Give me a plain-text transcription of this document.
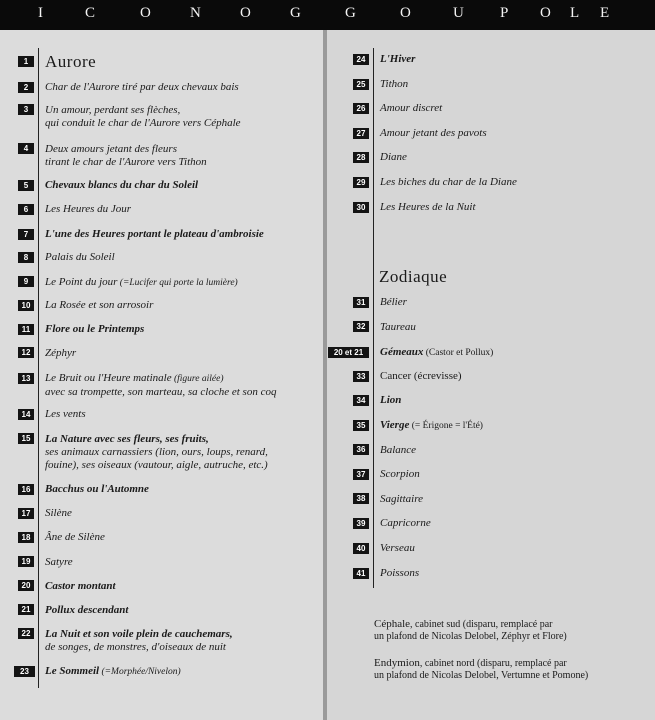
I	C	O	N	O	G	G	O	U P O L E
1 Aurore
2	Char de l'Aurore tiré par deux chevaux bais
3	Un amour, perdant ses flèches,
qui conduit le char de l'Aurore vers Céphale
4	Deux amours jetant des fleurs
tirant le char de l'Aurore vers Tithon
5	Chevaux blancs du char du Soleil
6	Les Heures du Jour
7	L'une des Heures portant le plateau d'ambroisie
8	Palais du Soleil
9	Le Point du jour (=Lucifer qui porte la lumière)
10	La Rosée et son arrosoir
11	Flore ou le Printemps
12	Zéphyr
13	Le Bruit ou l'Heure matinale (figure ailée)
avec sa trompette, son marteau, sa cloche et son coq
14	Les vents
15	La Nature avec ses fleurs, ses fruits,
ses animaux carnassiers (lion, ours, loups, renard,
fouine), ses oiseaux (vautour, aigle, autruche, etc.)
16	Bacchus ou l'Automne
17	Silène
18	Âne de Silène
19	Satyre
20	Castor montant
21	Pollux descendant
22	La Nuit et son voile plein de cauchemars,
de songes, de monstres, d'oiseaux de nuit
23	Le Sommeil (=Morphée/Nivelon)
24	L'Hiver
25	Tithon
26	Amour discret
27	Amour jetant des pavots
28	Diane
29	Les biches du char de la Diane
30	Les Heures de la Nuit
Zodiaque
31	Bélier
32	Taureau
20 et 21	Gémeaux (Castor et Pollux)
33	Cancer (écrevisse)
34	Lion
35	Vierge (= Érigone = l'Été)
36	Balance
37	Scorpion
38	Sagittaire
39	Capricorne
40	Verseau
41	Poissons
Céphale, cabinet sud (disparu, remplacé par
un plafond de Nicolas Delobel, Zéphyr et Flore)
Endymion, cabinet nord (disparu, remplacé par
un plafond de Nicolas Delobel, Vertumne et Pomone)
